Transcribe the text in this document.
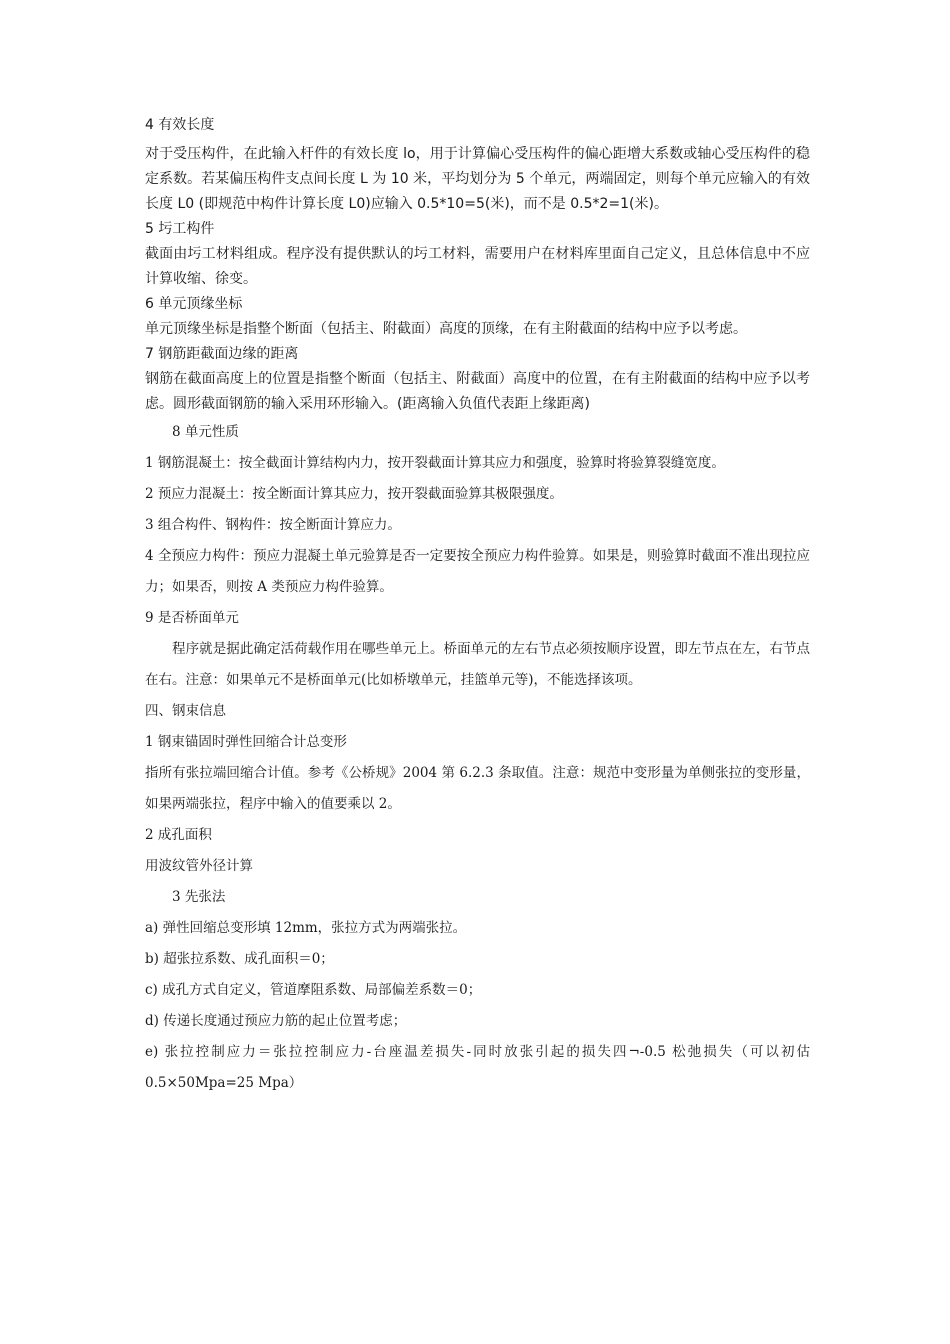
4 有效长度

对于受压构件，在此输入杆件的有效长度 lo，用于计算偏心受压构件的偏心距增大系数或轴心受压构件的稳定系数。若某偏压构件支点间长度 L 为 10 米，平均划分为 5 个单元，两端固定，则每个单元应输入的有效长度 L0 (即规范中构件计算长度 L0)应输入 0.5*10=5(米)，而不是 0.5*2=1(米)。

5 圬工构件

截面由圬工材料组成。程序没有提供默认的圬工材料，需要用户在材料库里面自己定义，且总体信息中不应计算收缩、徐变。

6 单元顶缘坐标

单元顶缘坐标是指整个断面（包括主、附截面）高度的顶缘，在有主附截面的结构中应予以考虑。

7 钢筋距截面边缘的距离

钢筋在截面高度上的位置是指整个断面（包括主、附截面）高度中的位置，在有主附截面的结构中应予以考虑。圆形截面钢筋的输入采用环形输入。(距离输入负值代表距上缘距离)

8 单元性质

1 钢筋混凝土：按全截面计算结构内力，按开裂截面计算其应力和强度，验算时将验算裂缝宽度。

2 预应力混凝土：按全断面计算其应力，按开裂截面验算其极限强度。

3 组合构件、钢构件：按全断面计算应力。

4 全预应力构件：预应力混凝土单元验算是否一定要按全预应力构件验算。如果是，则验算时截面不准出现拉应力；如果否，则按 A 类预应力构件验算。

9 是否桥面单元

程序就是据此确定活荷载作用在哪些单元上。桥面单元的左右节点必须按顺序设置，即左节点在左，右节点在右。注意：如果单元不是桥面单元(比如桥墩单元，挂篮单元等)，不能选择该项。

四、钢束信息

1 钢束锚固时弹性回缩合计总变形

指所有张拉端回缩合计值。参考《公桥规》2004 第 6.2.3 条取值。注意：规范中变形量为单侧张拉的变形量，如果两端张拉，程序中输入的值要乘以 2。

2 成孔面积

用波纹管外径计算

3 先张法

a) 弹性回缩总变形填 12mm，张拉方式为两端张拉。

b) 超张拉系数、成孔面积＝0；

c) 成孔方式自定义，管道摩阻系数、局部偏差系数＝0；

d) 传递长度通过预应力筋的起止位置考虑；

e) 张拉控制应力＝张拉控制应力-台座温差损失-同时放张引起的损失四¬-0.5 松弛损失（可以初估 0.5×50Mpa=25 Mpa）
